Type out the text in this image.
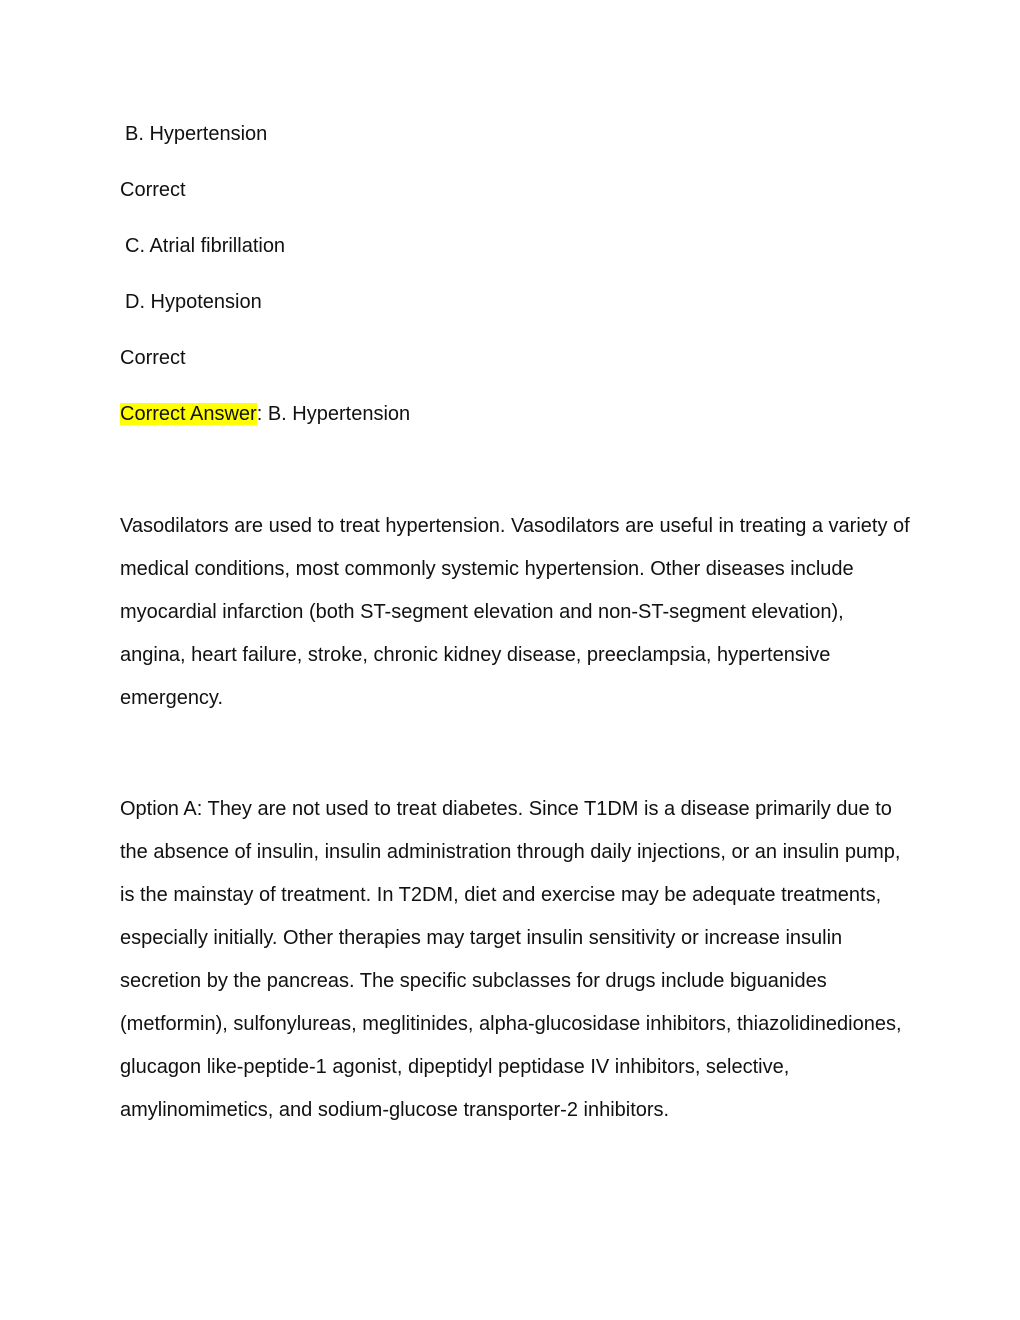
B. Hypertension
Correct
C. Atrial fibrillation
D. Hypotension
Correct
Correct Answer: B. Hypertension

Vasodilators are used to treat hypertension. Vasodilators are useful in treating a variety of medical conditions, most commonly systemic hypertension. Other diseases include myocardial infarction (both ST-segment elevation and non-ST-segment elevation), angina, heart failure, stroke, chronic kidney disease, preeclampsia, hypertensive emergency.

Option A: They are not used to treat diabetes. Since T1DM is a disease primarily due to the absence of insulin, insulin administration through daily injections, or an insulin pump, is the mainstay of treatment. In T2DM, diet and exercise may be adequate treatments, especially initially. Other therapies may target insulin sensitivity or increase insulin secretion by the pancreas. The specific subclasses for drugs include biguanides (metformin), sulfonylureas, meglitinides, alpha-glucosidase inhibitors, thiazolidinediones, glucagon like-peptide-1 agonist, dipeptidyl peptidase IV inhibitors, selective, amylinomimetics, and sodium-glucose transporter-2 inhibitors.
